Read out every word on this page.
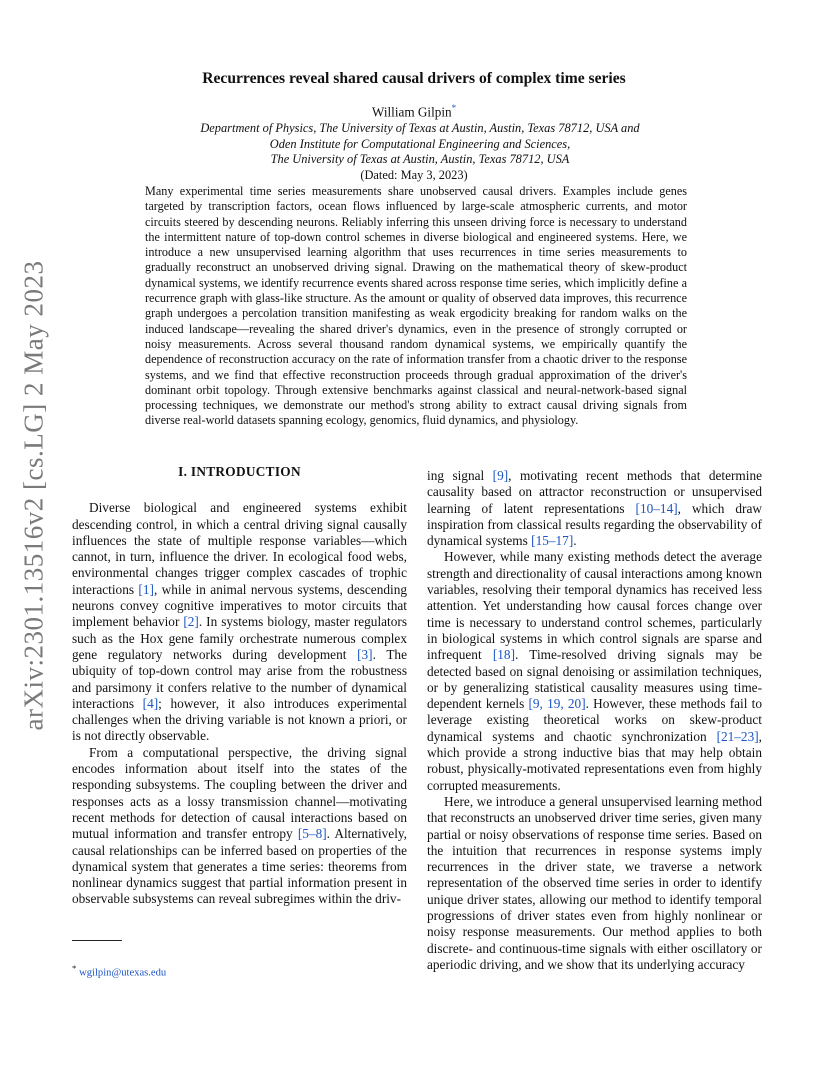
arXiv:2301.13516v2 [cs.LG] 2 May 2023
Recurrences reveal shared causal drivers of complex time series
William Gilpin*
Department of Physics, The University of Texas at Austin, Austin, Texas 78712, USA and
Oden Institute for Computational Engineering and Sciences,
The University of Texas at Austin, Austin, Texas 78712, USA
(Dated: May 3, 2023)
Many experimental time series measurements share unobserved causal drivers. Examples include genes targeted by transcription factors, ocean flows influenced by large-scale atmospheric currents, and motor circuits steered by descending neurons. Reliably inferring this unseen driving force is necessary to understand the intermittent nature of top-down control schemes in diverse biological and engineered systems. Here, we introduce a new unsupervised learning algorithm that uses recurrences in time series measurements to gradually reconstruct an unobserved driving signal. Drawing on the mathematical theory of skew-product dynamical systems, we identify recurrence events shared across response time series, which implicitly define a recurrence graph with glass-like structure. As the amount or quality of observed data improves, this recurrence graph undergoes a percolation transition manifesting as weak ergodicity breaking for random walks on the induced landscape—revealing the shared driver's dynamics, even in the presence of strongly corrupted or noisy measurements. Across several thousand random dynamical systems, we empirically quantify the dependence of reconstruction accuracy on the rate of information transfer from a chaotic driver to the response systems, and we find that effective reconstruction proceeds through gradual approximation of the driver's dominant orbit topology. Through extensive benchmarks against classical and neural-network-based signal processing techniques, we demonstrate our method's strong ability to extract causal driving signals from diverse real-world datasets spanning ecology, genomics, fluid dynamics, and physiology.
I. INTRODUCTION

Diverse biological and engineered systems exhibit descending control, in which a central driving signal causally influences the state of multiple response variables—which cannot, in turn, influence the driver. In ecological food webs, environmental changes trigger complex cascades of trophic interactions [1], while in animal nervous systems, descending neurons convey cognitive imperatives to motor circuits that implement behavior [2]. In systems biology, master regulators such as the Hox gene family orchestrate numerous complex gene regulatory networks during development [3]. The ubiquity of top-down control may arise from the robustness and parsimony it confers relative to the number of dynamical interactions [4]; however, it also introduces experimental challenges when the driving variable is not known a priori, or is not directly observable.

From a computational perspective, the driving signal encodes information about itself into the states of the responding subsystems. The coupling between the driver and responses acts as a lossy transmission channel—motivating recent methods for detection of causal interactions based on mutual information and transfer entropy [5–8]. Alternatively, causal relationships can be inferred based on properties of the dynamical system that generates a time series: theorems from nonlinear dynamics suggest that partial information present in observable subsystems can reveal subregimes within the driv-

ing signal [9], motivating recent methods that determine causality based on attractor reconstruction or unsupervised learning of latent representations [10–14], which draw inspiration from classical results regarding the observability of dynamical systems [15–17].

However, while many existing methods detect the average strength and directionality of causal interactions among known variables, resolving their temporal dynamics has received less attention. Yet understanding how causal forces change over time is necessary to understand control schemes, particularly in biological systems in which control signals are sparse and infrequent [18]. Time-resolved driving signals may be detected based on signal denoising or assimilation techniques, or by generalizing statistical causality measures using time-dependent kernels [9, 19, 20]. However, these methods fail to leverage existing theoretical works on skew-product dynamical systems and chaotic synchronization [21–23], which provide a strong inductive bias that may help obtain robust, physically-motivated representations even from highly corrupted measurements.

Here, we introduce a general unsupervised learning method that reconstructs an unobserved driver time series, given many partial or noisy observations of response time series. Based on the intuition that recurrences in response systems imply recurrences in the driver state, we traverse a network representation of the observed time series in order to identify unique driver states, allowing our method to identify temporal progressions of driver states even from highly nonlinear or noisy response measurements. Our method applies to both discrete- and continuous-time signals with either oscillatory or aperiodic driving, and we show that its underlying accuracy

* wgilpin@utexas.edu
